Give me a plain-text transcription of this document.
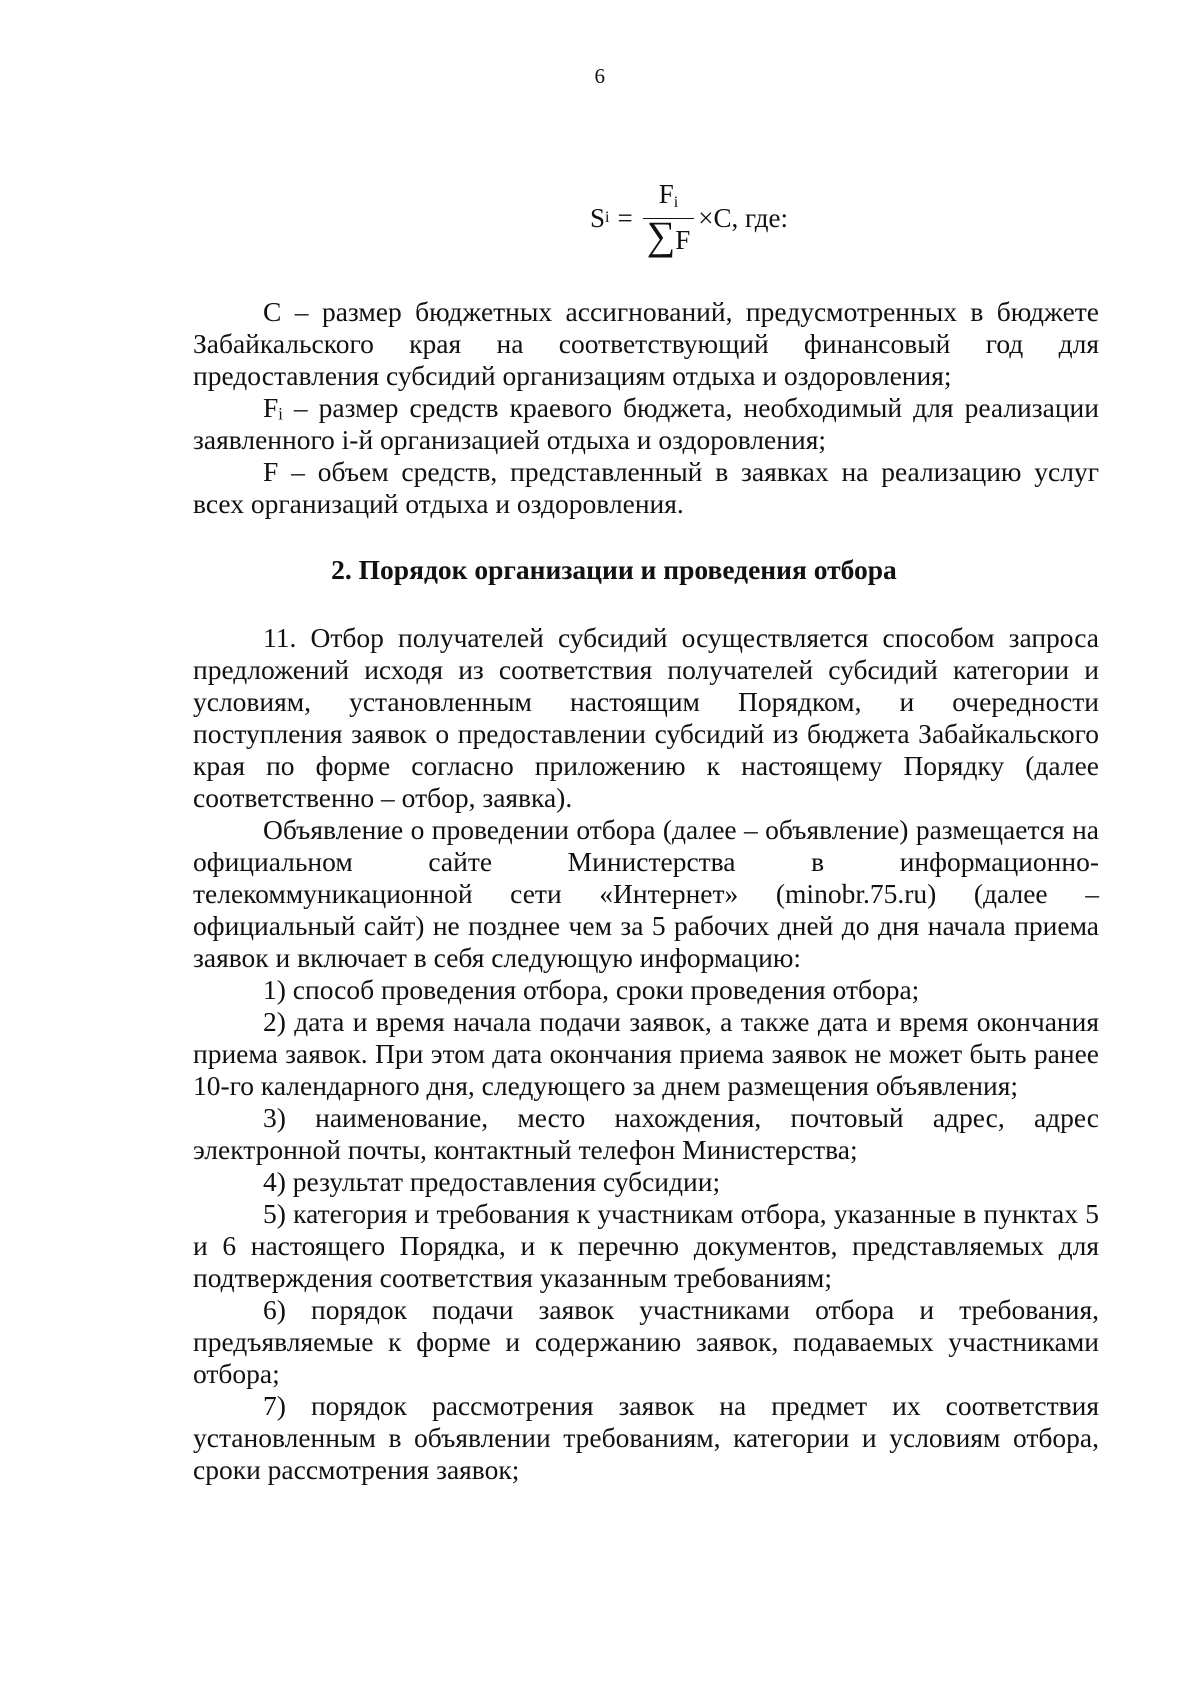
6
S $i = \frac{F_i}{\sum F} \times C$ , где:

С – размер бюджетных ассигнований, предусмотренных в бюджете Забайкальского края на соответствующий финансовый год для предоставления субсидий организациям отдыха и оздоровления;

Fᵢ – размер средств краевого бюджета, необходимый для реализации заявленного i-й организацией отдыха и оздоровления;

F – объем средств, представленный в заявках на реализацию услуг всех организаций отдыха и оздоровления.

2. Порядок организации и проведения отбора

11. Отбор получателей субсидий осуществляется способом запроса предложений исходя из соответствия получателей субсидий категории и условиям, установленным настоящим Порядком, и очередности поступления заявок о предоставлении субсидий из бюджета Забайкальского края по форме согласно приложению к настоящему Порядку (далее соответственно – отбор, заявка).

Объявление о проведении отбора (далее – объявление) размещается на официальном сайте Министерства в информационно-телекоммуникационной сети «Интернет» (minobr.75.ru) (далее – официальный сайт) не позднее чем за 5 рабочих дней до дня начала приема заявок и включает в себя следующую информацию:

1) способ проведения отбора, сроки проведения отбора;

2) дата и время начала подачи заявок, а также дата и время окончания приема заявок. При этом дата окончания приема заявок не может быть ранее 10-го календарного дня, следующего за днем размещения объявления;

3) наименование, место нахождения, почтовый адрес, адрес электронной почты, контактный телефон Министерства;

4) результат предоставления субсидии;

5) категория и требования к участникам отбора, указанные в пунктах 5 и 6 настоящего Порядка, и к перечню документов, представляемых для подтверждения соответствия указанным требованиям;

6) порядок подачи заявок участниками отбора и требования, предъявляемые к форме и содержанию заявок, подаваемых участниками отбора;

7) порядок рассмотрения заявок на предмет их соответствия установленным в объявлении требованиям, категории и условиям отбора, сроки рассмотрения заявок;
